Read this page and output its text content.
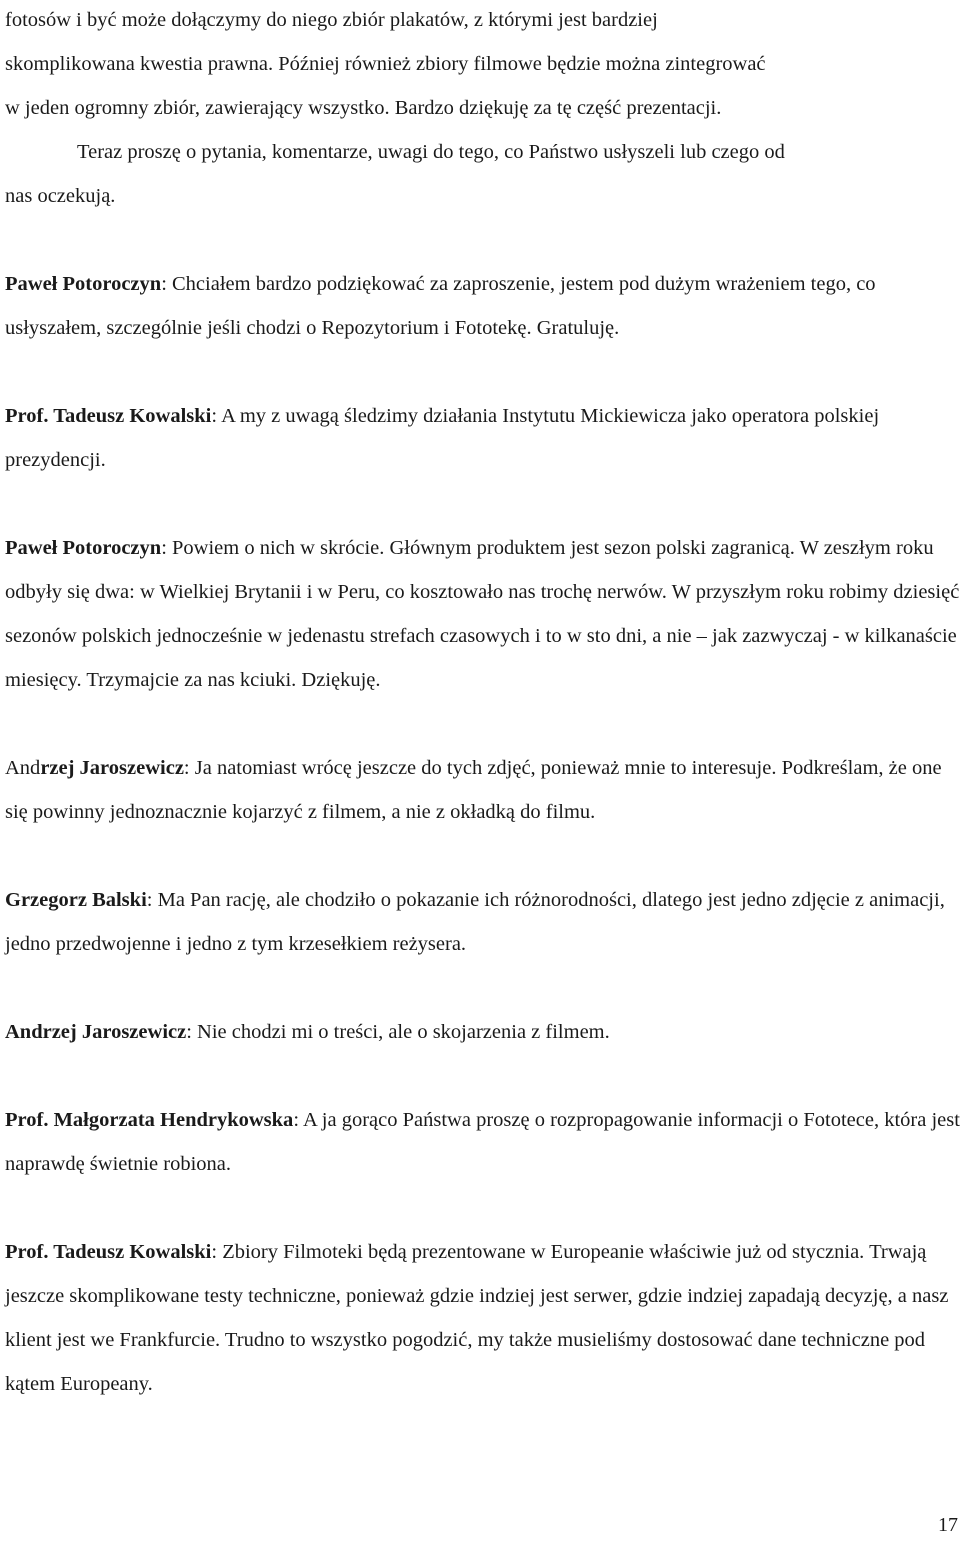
fotosów i być może dołączymy do niego zbiór plakatów, z którymi jest bardziej
skomplikowana kwestia prawna. Później również zbiory filmowe będzie można zintegrować
w jeden ogromny zbiór, zawierający wszystko. Bardzo dziękuję za tę część prezentacji.
Teraz proszę o pytania, komentarze, uwagi do tego, co Państwo usłyszeli lub czego od
nas oczekują.

Paweł Potoroczyn: Chciałem bardzo podziękować za zaproszenie, jestem pod dużym wrażeniem tego, co usłyszałem, szczególnie jeśli chodzi o Repozytorium i Fototekę. Gratuluję.

Prof. Tadeusz Kowalski: A my z uwagą śledzimy działania Instytutu Mickiewicza jako operatora polskiej prezydencji.

Paweł Potoroczyn: Powiem o nich w skrócie. Głównym produktem jest sezon polski zagranicą. W zeszłym roku odbyły się dwa: w Wielkiej Brytanii i w Peru, co kosztowało nas trochę nerwów. W przyszłym roku robimy dziesięć sezonów polskich jednocześnie w jedenastu strefach czasowych i to w sto dni, a nie – jak zazwyczaj - w kilkanaście miesięcy. Trzymajcie za nas kciuki. Dziękuję.

Andrzej Jaroszewicz: Ja natomiast wrócę jeszcze do tych zdjęć, ponieważ mnie to interesuje. Podkreślam, że one się powinny jednoznacznie kojarzyć z filmem, a nie z okładką do filmu.

Grzegorz Balski: Ma Pan rację, ale chodziło o pokazanie ich różnorodności, dlatego jest jedno zdjęcie z animacji, jedno przedwojenne i jedno z tym krzesełkiem reżysera.

Andrzej Jaroszewicz: Nie chodzi mi o treści, ale o skojarzenia z filmem.

Prof. Małgorzata Hendrykowska: A ja gorąco Państwa proszę o rozpropagowanie informacji o Fototece, która jest naprawdę świetnie robiona.

Prof. Tadeusz Kowalski: Zbiory Filmoteki będą prezentowane w Europeanie właściwie już od stycznia. Trwają jeszcze skomplikowane testy techniczne, ponieważ gdzie indziej jest serwer, gdzie indziej zapadają decyzję, a nasz klient jest we Frankfurcie. Trudno to wszystko pogodzić, my także musieliśmy dostosować dane techniczne pod kątem Europeany.

17
